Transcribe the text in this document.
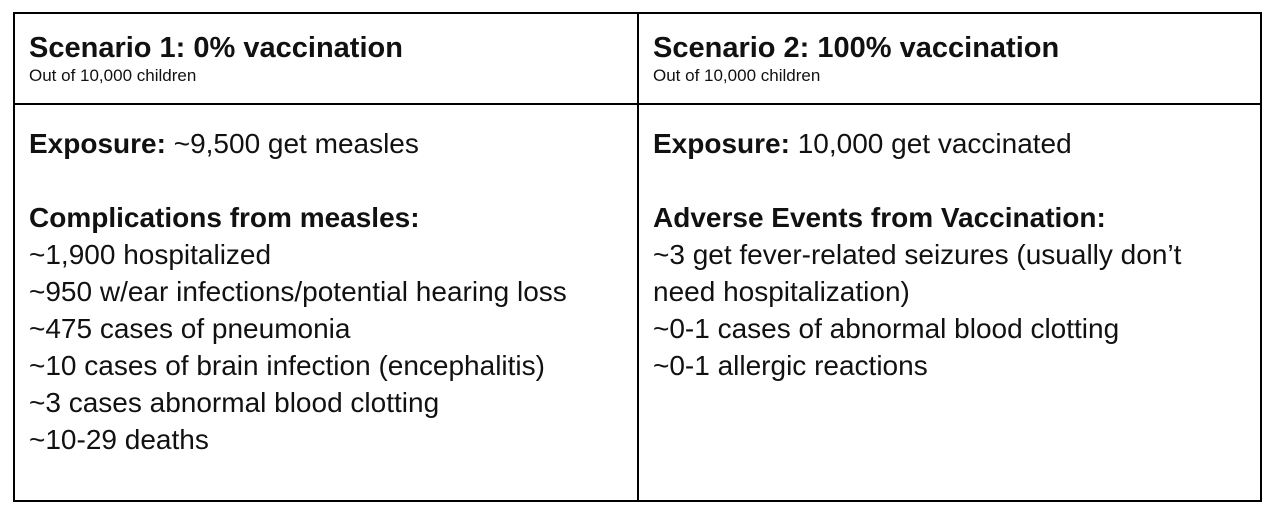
Scenario 1: 0% vaccination
Out of 10,000 children
Scenario 2: 100% vaccination
Out of 10,000 children
Exposure: ~9,500 get measles
Complications from measles:
~1,900 hospitalized
~950 w/ear infections/potential hearing loss
~475 cases of pneumonia
~10 cases of brain infection (encephalitis)
~3 cases abnormal blood clotting
~10-29 deaths
Exposure: 10,000 get vaccinated
Adverse Events from Vaccination:
~3 get fever-related seizures (usually don’t need hospitalization)
~0-1 cases of abnormal blood clotting
~0-1 allergic reactions
